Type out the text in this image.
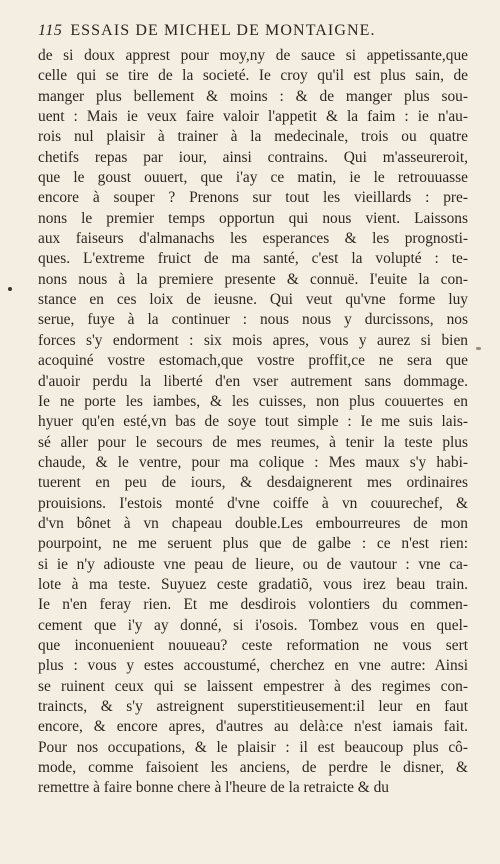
115 ESSAIS DE MICHEL DE MONTAIGNE.
de si doux apprest pour moy,ny de sauce si appetissante,que
celle qui se tire de la societé. Ie croy qu'il est plus sain, de
manger plus bellement & moins : & de manger plus sou-
uent : Mais ie veux faire valoir l'appetit & la faim : ie n'au-
rois nul plaisir à trainer à la medecinale, trois ou quatre
chetifs repas par iour, ainsi contrains. Qui m'asseureroit,
que le goust ouuert, que i'ay ce matin, ie le retrouuasse
encore à souper ? Prenons sur tout les vieillards : pre-
nons le premier temps opportun qui nous vient. Laissons
aux faiseurs d'almanachs les esperances & les prognosti-
ques. L'extreme fruict de ma santé, c'est la volupté : te-
nons nous à la premiere presente & connuë. I'euite la con-
stance en ces loix de ieusne. Qui veut qu'vne forme luy
serue, fuye à la continuer : nous nous y durcissons, nos
forces s'y endorment : six mois apres, vous y aurez si bien
acoquiné vostre estomach,que vostre proffit,ce ne sera que
d'auoir perdu la liberté d'en vser autrement sans dommage.
Ie ne porte les iambes, & les cuisses, non plus couuertes en
hyuer qu'en esté,vn bas de soye tout simple : Ie me suis lais-
sé aller pour le secours de mes reumes, à tenir la teste plus
chaude, & le ventre, pour ma colique : Mes maux s'y habi-
tuerent en peu de iours, & desdaignerent mes ordinaires
prouisions. I'estois monté d'vne coiffe à vn couurechef, &
d'vn bônet à vn chapeau double.Les embourreures de mon
pourpoint, ne me seruent plus que de galbe : ce n'est rien:
si ie n'y adiouste vne peau de lieure, ou de vautour : vne ca-
lote à ma teste. Suyuez ceste gradatiõ, vous irez beau train.
Ie n'en feray rien. Et me desdirois volontiers du commen-
cement que i'y ay donné, si i'osois. Tombez vous en quel-
que inconuenient nouueau? ceste reformation ne vous sert
plus : vous y estes accoustumé, cherchez en vne autre: Ainsi
se ruinent ceux qui se laissent empestrer à des regimes con-
traincts, & s'y astreignent superstitieusement:il leur en faut
encore, & encore apres, d'autres au delà:ce n'est iamais fait.
Pour nos occupations, & le plaisir : il est beaucoup plus cô-
mode, comme faisoient les anciens, de perdre le disner, &
remettre à faire bonne chere à l'heure de la retraicte & du
